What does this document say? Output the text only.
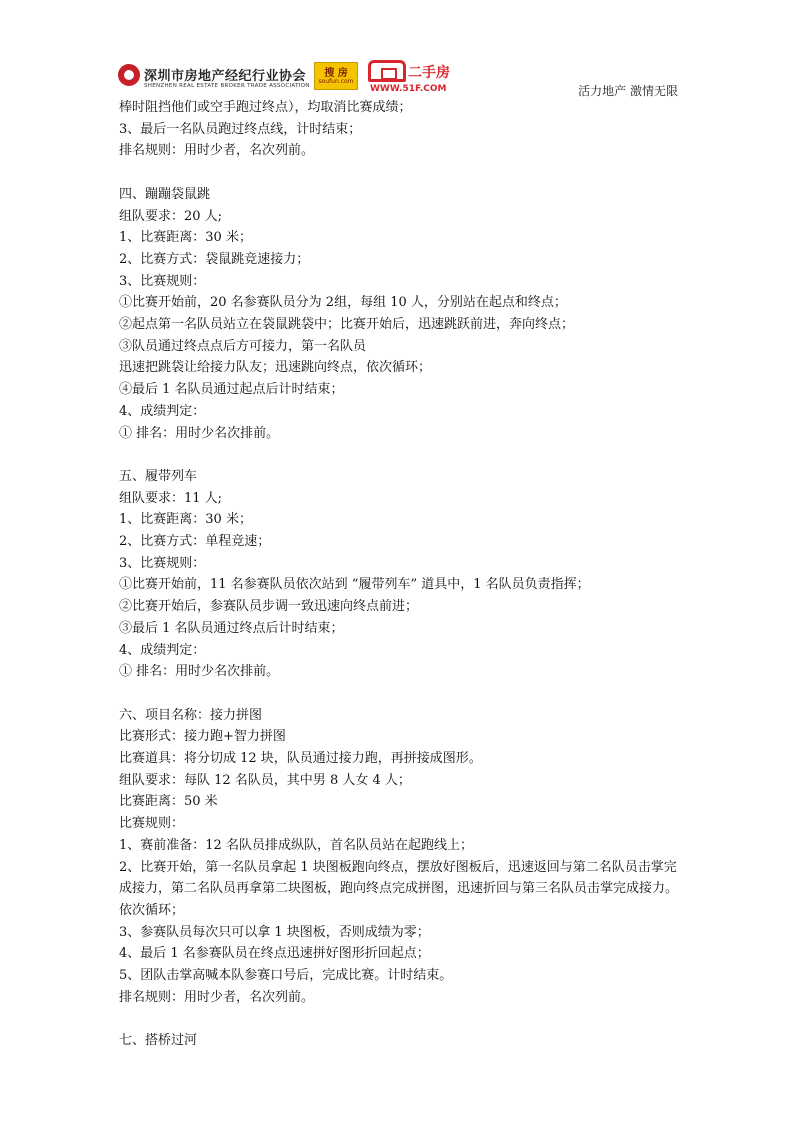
深圳市房地产经纪行业协会
SHENZHEN REAL ESTATE BROKER TRADE ASSOCIATION
搜 房
soufun.com
二手房
WWW.51F.COM	活力地产 激情无限

棒时阻挡他们或空手跑过终点），均取消比赛成绩；

3、最后一名队员跑过终点线，计时结束；

排名规则：用时少者，名次列前。

四、蹦蹦袋鼠跳

组队要求：20 人;

1、比赛距离：30 米；

2、比赛方式：袋鼠跳竞速接力；

3、比赛规则：

①比赛开始前，20 名参赛队员分为 2组，每组 10 人，分别站在起点和终点；

②起点第一名队员站立在袋鼠跳袋中；比赛开始后，迅速跳跃前进，奔向终点；

③队员通过终点点后方可接力，第一名队员

迅速把跳袋让给接力队友；迅速跳向终点，依次循环；

④最后 1 名队员通过起点后计时结束；

4、成绩判定：

① 排名：用时少名次排前。

五、履带列车

组队要求：11 人;

1、比赛距离：30 米；

2、比赛方式：单程竞速；

3、比赛规则：

①比赛开始前，11 名参赛队员依次站到 “履带列车” 道具中，1 名队员负责指挥；

②比赛开始后，参赛队员步调一致迅速向终点前进；

③最后 1 名队员通过终点后计时结束；

4、成绩判定：

① 排名：用时少名次排前。

六、项目名称：接力拼图

比赛形式：接力跑+智力拼图

比赛道具：将分切成 12 块，队员通过接力跑，再拼接成图形。

组队要求：每队 12 名队员，其中男 8 人女 4 人；

比赛距离：50 米

比赛规则：

1、赛前准备：12 名队员排成纵队，首名队员站在起跑线上；

2、比赛开始，第一名队员拿起 1 块图板跑向终点，摆放好图板后，迅速返回与第二名队员击掌完成接力，第二名队员再拿第二块图板，跑向终点完成拼图，迅速折回与第三名队员击掌完成接力。依次循环；

3、参赛队员每次只可以拿 1 块图板，否则成绩为零；

4、最后 1 名参赛队员在终点迅速拼好图形折回起点；

5、团队击掌高喊本队参赛口号后，完成比赛。计时结束。

排名规则：用时少者，名次列前。

七、搭桥过河
